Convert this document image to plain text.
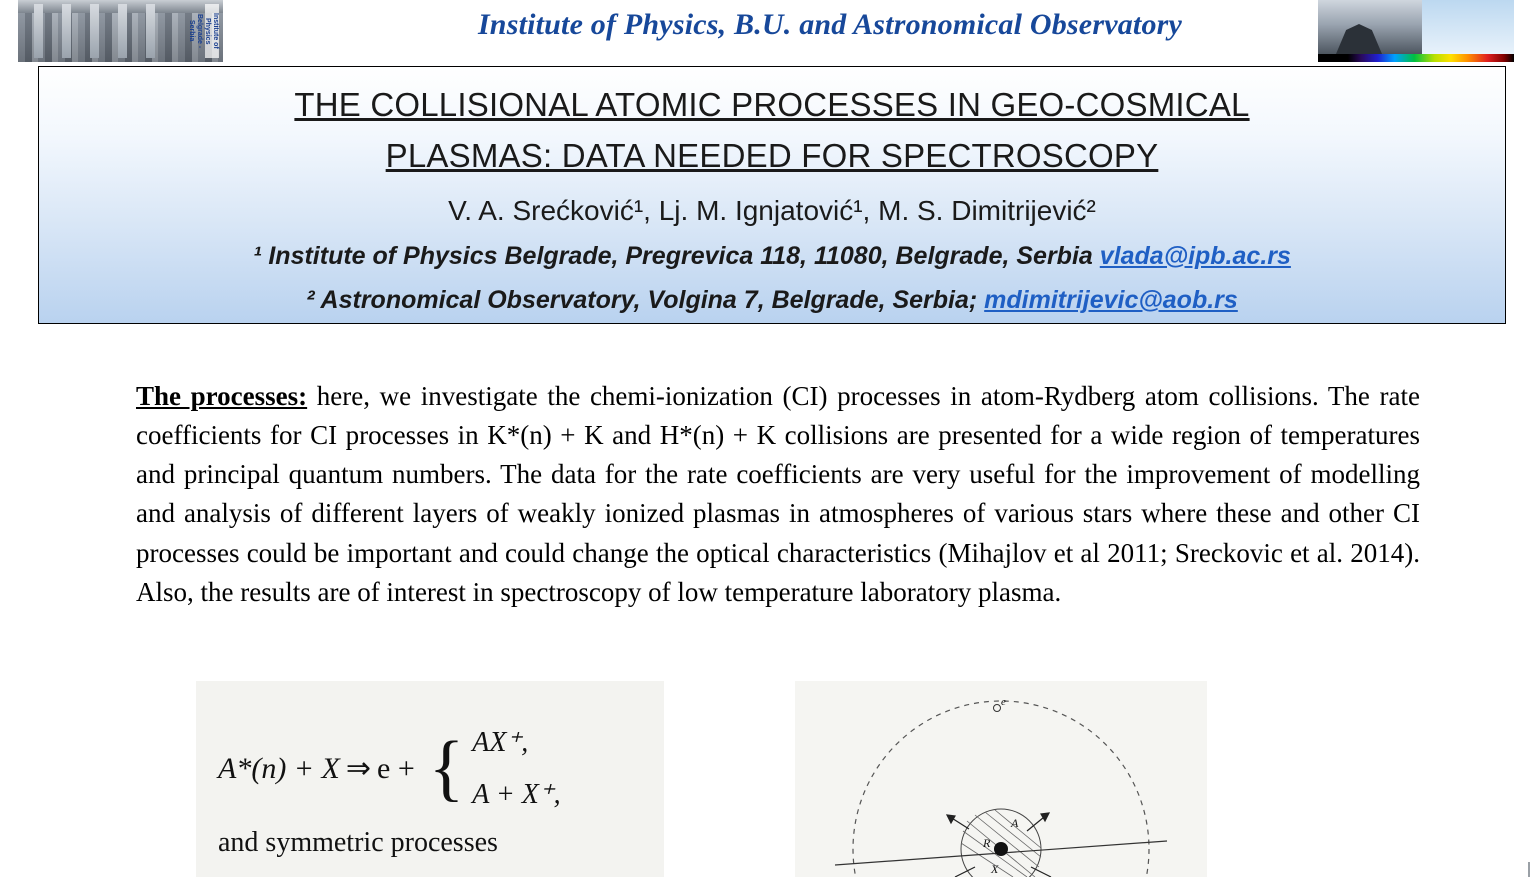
Institute of Physics Belgrade - Serbia	Institute of Physics, B.U. and Astronomical Observatory
THE COLLISIONAL ATOMIC PROCESSES IN GEO-COSMICAL
PLASMAS: DATA NEEDED FOR SPECTROSCOPY
V. A. Srećković¹, Lj. M. Ignjatović¹, M. S. Dimitrijević²
¹ Institute of Physics Belgrade, Pregrevica 118, 11080, Belgrade, Serbia vlada@ipb.ac.rs
² Astronomical Observatory, Volgina 7, Belgrade, Serbia; mdimitrijevic@aob.rs
The processes: here, we investigate the chemi-ionization (CI) processes in atom-Rydberg atom collisions. The rate coefficients for CI processes in K*(n) + K and H*(n) + K collisions are presented for a wide region of temperatures and principal quantum numbers. The data for the rate coefficients are very useful for the improvement of modelling and analysis of different layers of weakly ionized plasmas in atmospheres of various stars where these and other CI processes could be important and could change the optical characteristics (Mihajlov et al 2011; Sreckovic et al. 2014). Also, the results are of interest in spectroscopy of low temperature laboratory plasma.
A*(n) + X ⇒ e + { AX⁺,
A + X⁺,
and symmetric processes
A
R
X
e
